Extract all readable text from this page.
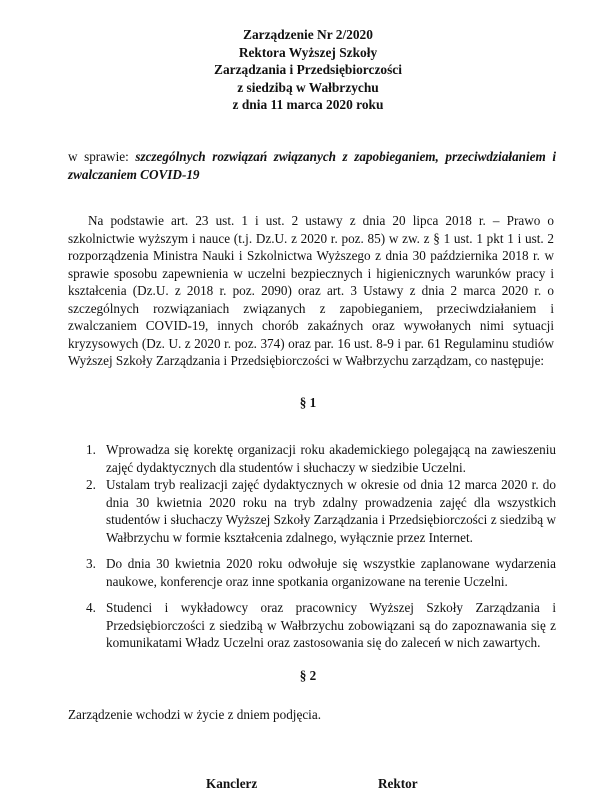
Zarządzenie Nr 2/2020
Rektora Wyższej Szkoły
Zarządzania i Przedsiębiorczości
z siedzibą w Wałbrzychu
z dnia 11 marca 2020 roku
w sprawie: szczególnych rozwiązań związanych z zapobieganiem, przeciwdziałaniem i zwalczaniem COVID-19
Na podstawie art. 23 ust. 1 i ust. 2 ustawy z dnia 20 lipca 2018 r. – Prawo o szkolnictwie wyższym i nauce (t.j. Dz.U. z 2020 r. poz. 85) w zw. z § 1 ust. 1 pkt 1 i ust. 2 rozporządzenia Ministra Nauki i Szkolnictwa Wyższego z dnia 30 października 2018 r. w sprawie sposobu zapewnienia w uczelni bezpiecznych i higienicznych warunków pracy i kształcenia (Dz.U. z 2018 r. poz. 2090) oraz art. 3 Ustawy z dnia 2 marca 2020 r. o szczególnych rozwiązaniach związanych z zapobieganiem, przeciwdziałaniem i zwalczaniem COVID-19, innych chorób zakaźnych oraz wywołanych nimi sytuacji kryzysowych (Dz. U. z 2020 r. poz. 374) oraz par. 16 ust. 8-9 i par. 61 Regulaminu studiów Wyższej Szkoły Zarządzania i Przedsiębiorczości w Wałbrzychu zarządzam, co następuje:
§ 1
1. Wprowadza się korektę organizacji roku akademickiego polegającą na zawieszeniu zajęć dydaktycznych dla studentów i słuchaczy w siedzibie Uczelni.
2. Ustalam tryb realizacji zajęć dydaktycznych w okresie od dnia 12 marca 2020 r. do dnia 30 kwietnia 2020 roku na tryb zdalny prowadzenia zajęć dla wszystkich studentów i słuchaczy Wyższej Szkoły Zarządzania i Przedsiębiorczości z siedzibą w Wałbrzychu w formie kształcenia zdalnego, wyłącznie przez Internet.
3. Do dnia 30 kwietnia 2020 roku odwołuje się wszystkie zaplanowane wydarzenia naukowe, konferencje oraz inne spotkania organizowane na terenie Uczelni.
4. Studenci i wykładowcy oraz pracownicy Wyższej Szkoły Zarządzania i Przedsiębiorczości z siedzibą w Wałbrzychu zobowiązani są do zapoznawania się z komunikatami Władz Uczelni oraz zastosowania się do zaleceń w nich zawartych.
§ 2
Zarządzenie wchodzi w życie z dniem podjęcia.
Kanclerz	Rektor
